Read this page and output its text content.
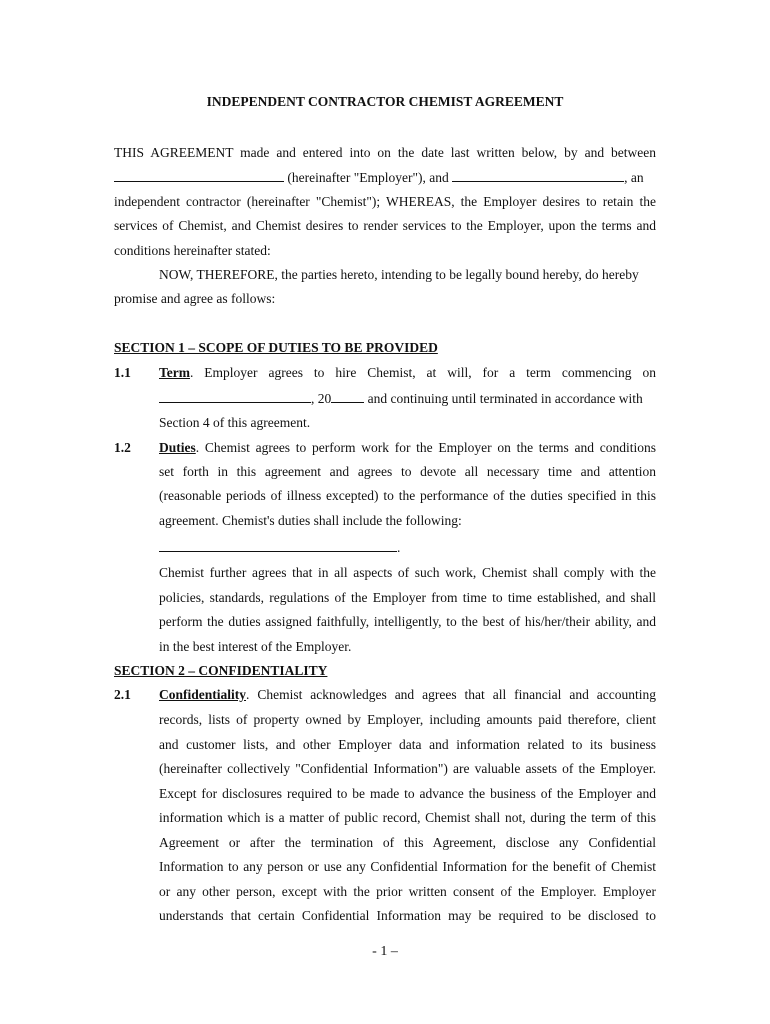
INDEPENDENT CONTRACTOR CHEMIST AGREEMENT
THIS AGREEMENT made and entered into on the date last written below, by and between
(hereinafter "Employer"), and	, an
independent contractor (hereinafter "Chemist"); WHEREAS, the Employer desires to retain the
services of Chemist, and Chemist desires to render services to the Employer, upon the terms and
conditions hereinafter stated:
NOW, THEREFORE, the parties hereto, intending to be legally bound hereby, do hereby
promise and agree as follows:
SECTION 1 – SCOPE OF DUTIES TO BE PROVIDED
1.1 Term . Employer agrees to hire Chemist, at will, for a term commencing on
, 20 and continuing until terminated in accordance with
Section 4 of this agreement.
1.2 Duties . Chemist agrees to perform work for the Employer on the terms and conditions
set forth in this agreement and agrees to devote all necessary time and attention
(reasonable periods of illness excepted) to the performance of the duties specified in this
agreement. Chemist's duties shall include the following:
.
Chemist further agrees that in all aspects of such work, Chemist shall comply with the
policies, standards, regulations of the Employer from time to time established, and shall
perform the duties assigned faithfully, intelligently, to the best of his/her/their ability, and
in the best interest of the Employer.
SECTION 2 – CONFIDENTIALITY
2.1 Confidentiality . Chemist acknowledges and agrees that all financial and accounting
records, lists of property owned by Employer, including amounts paid therefore, client
and customer lists, and other Employer data and information related to its business
(hereinafter collectively "Confidential Information") are valuable assets of the Employer.
Except for disclosures required to be made to advance the business of the Employer and
information which is a matter of public record, Chemist shall not, during the term of this
Agreement or after the termination of this Agreement, disclose any Confidential
Information to any person or use any Confidential Information for the benefit of Chemist
or any other person, except with the prior written consent of the Employer. Employer
understands that certain Confidential Information may be required to be disclosed to
- 1 –
